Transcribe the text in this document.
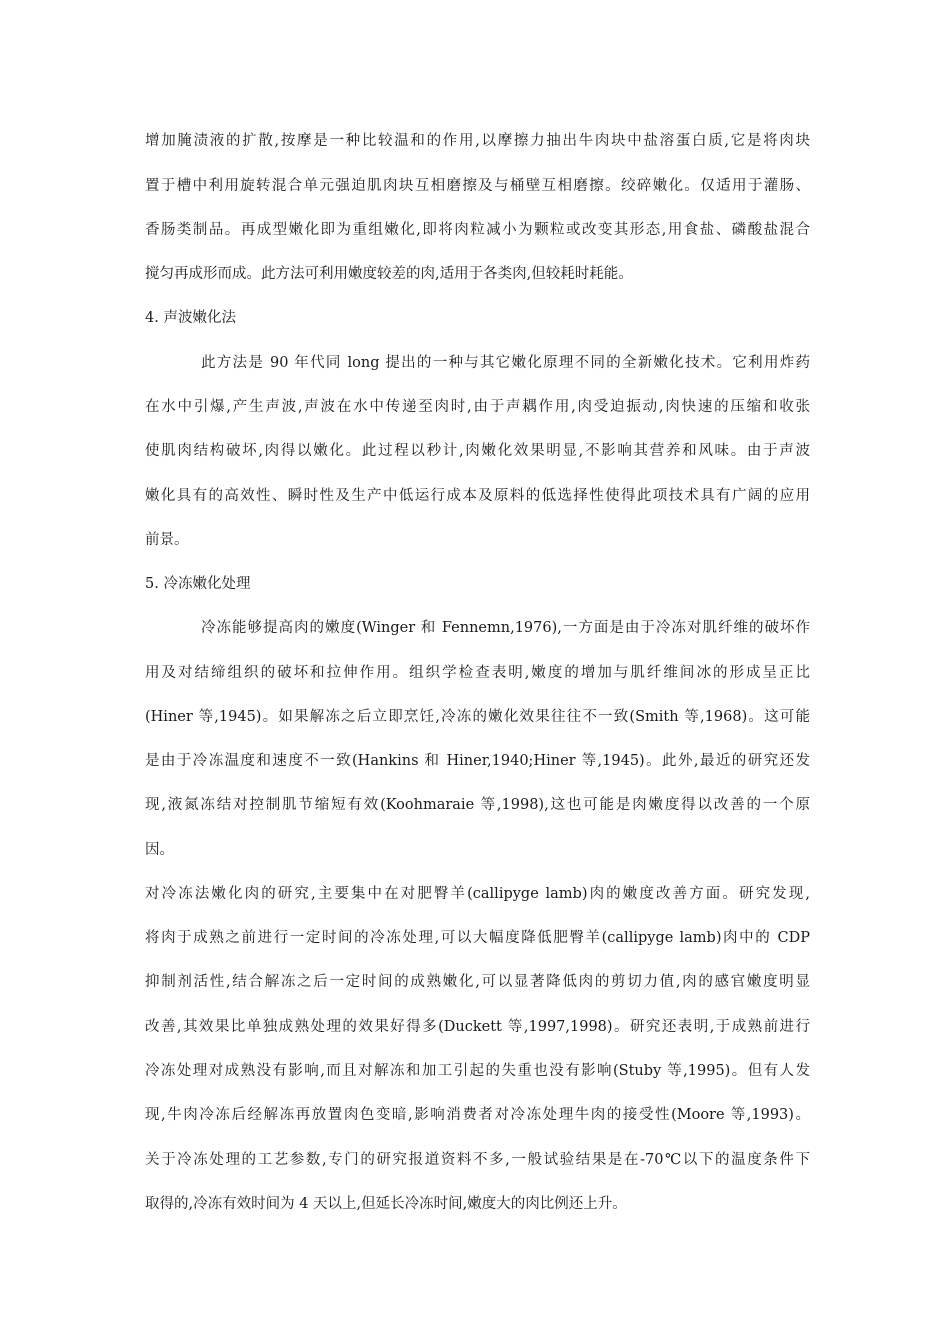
增加腌渍液的扩散,按摩是一种比较温和的作用,以摩擦力抽出牛肉块中盐溶蛋白质,它是将肉块
置于槽中利用旋转混合单元强迫肌肉块互相磨擦及与桶壁互相磨擦。绞碎嫩化。仅适用于灌肠、
香肠类制品。再成型嫩化即为重组嫩化,即将肉粒减小为颗粒或改变其形态,用食盐、磷酸盐混合
搅匀再成形而成。此方法可利用嫩度较差的肉,适用于各类肉,但较耗时耗能。
4. 声波嫩化法
此方法是 90 年代同 long 提出的一种与其它嫩化原理不同的全新嫩化技术。它利用炸药
在水中引爆,产生声波,声波在水中传递至肉时,由于声耦作用,肉受迫振动,肉快速的压缩和收张
使肌肉结构破坏,肉得以嫩化。此过程以秒计,肉嫩化效果明显,不影响其营养和风味。由于声波
嫩化具有的高效性、瞬时性及生产中低运行成本及原料的低选择性使得此项技术具有广阔的应用
前景。
5. 冷冻嫩化处理
冷冻能够提高肉的嫩度(Winger 和 Fennemn,1976),一方面是由于冷冻对肌纤维的破坏作
用及对结缔组织的破坏和拉伸作用。组织学检查表明,嫩度的增加与肌纤维间冰的形成呈正比
(Hiner 等,1945)。如果解冻之后立即烹饪,冷冻的嫩化效果往往不一致(Smith 等,1968)。这可能
是由于冷冻温度和速度不一致(Hankins 和 Hiner,1940;Hiner 等,1945)。此外,最近的研究还发
现,液氮冻结对控制肌节缩短有效(Koohmaraie 等,1998),这也可能是肉嫩度得以改善的一个原
因。
对冷冻法嫩化肉的研究,主要集中在对肥臀羊(callipyge lamb)肉的嫩度改善方面。研究发现,
将肉于成熟之前进行一定时间的冷冻处理,可以大幅度降低肥臀羊(callipyge lamb)肉中的 CDP
抑制剂活性,结合解冻之后一定时间的成熟嫩化,可以显著降低肉的剪切力值,肉的感官嫩度明显
改善,其效果比单独成熟处理的效果好得多(Duckett 等,1997,1998)。研究还表明,于成熟前进行
冷冻处理对成熟没有影响,而且对解冻和加工引起的失重也没有影响(Stuby 等,1995)。但有人发
现,牛肉冷冻后经解冻再放置肉色变暗,影响消费者对冷冻处理牛肉的接受性(Moore 等,1993)。
关于冷冻处理的工艺参数,专门的研究报道资料不多,一般试验结果是在-70℃以下的温度条件下
取得的,冷冻有效时间为 4 天以上,但延长冷冻时间,嫩度大的肉比例还上升。
